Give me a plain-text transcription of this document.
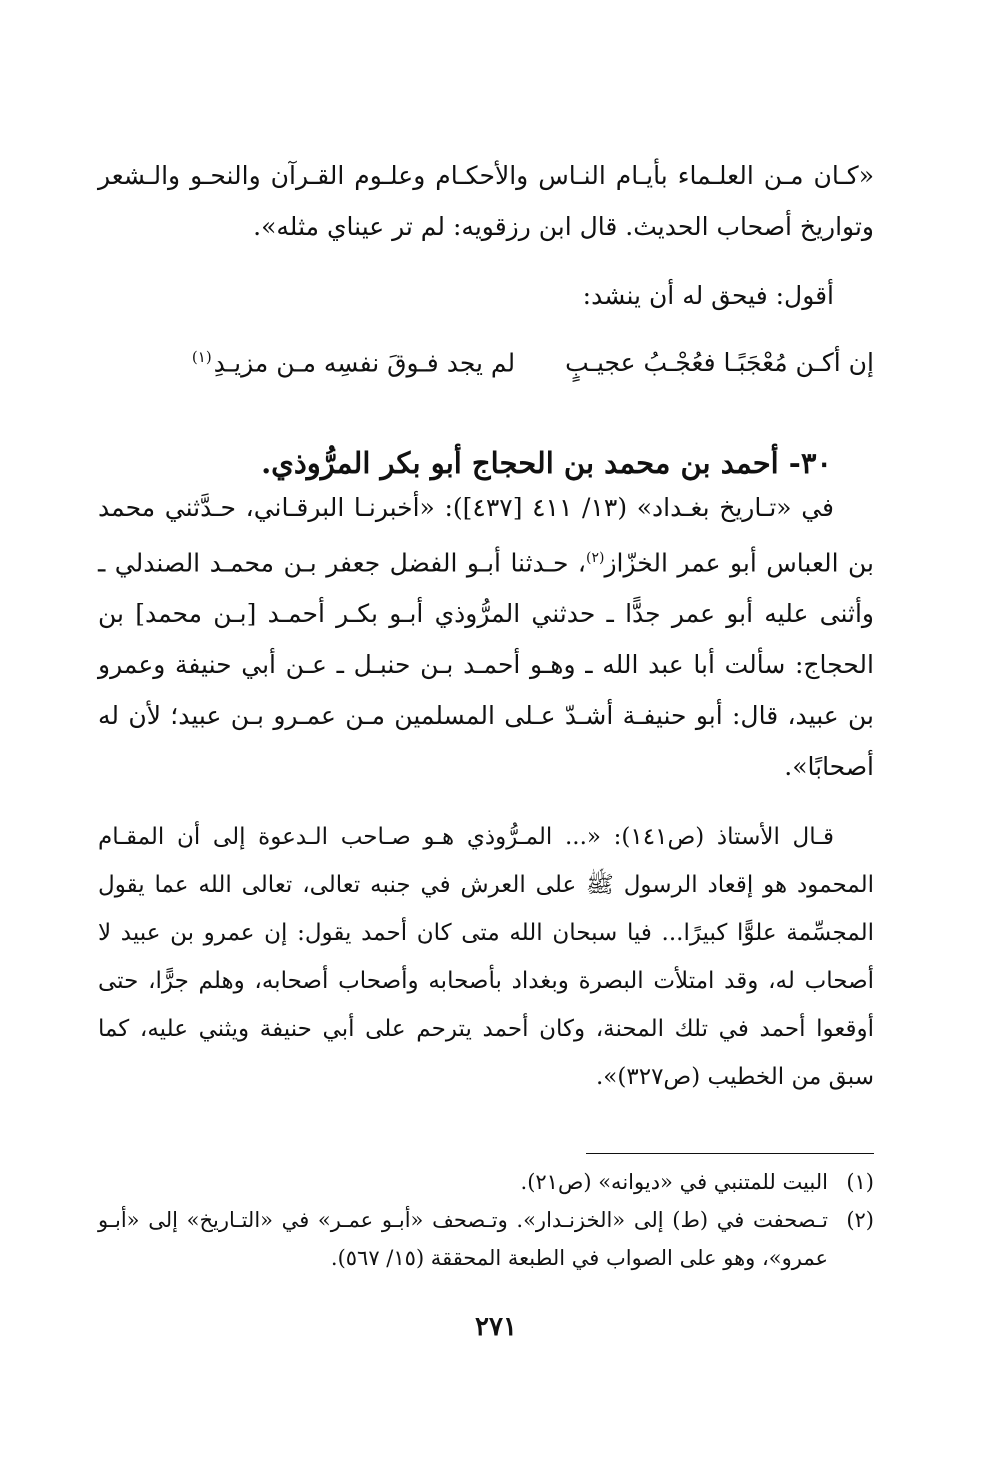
«كـان مـن العلـماء بأيـام النـاس والأحكـام وعلـوم القـرآن والنحـو والـشعر وتواريخ أصحاب الحديث. قال ابن رزقويه: لم تر عيناي مثله».

أقول: فيحق له أن ينشد:

إن أكـن مُعْجَبًـا فعُجْـبُ عجيـبٍ
لم يجد فـوقَ نفسِه مـن مزيـدِ$^{(١)}$
٣٠- أحمد بن محمد بن الحجاج أبو بكر المرُّوذي.

في «تـاريخ بغـداد» (١٣/ ٤١١ [٤٣٧]): «أخبرنـا البرقـاني، حـدَّثني محمد بن العباس أبو عمر الخزّاز$^{(٢)}$، حـدثنا أبـو الفضل جعفر بـن محمـد الصندلي ـ وأثنى عليه أبو عمر جدًّا ـ حدثني المرُّوذي أبـو بكـر أحمـد [بـن محمد] بن الحجاج: سألت أبا عبد الله ـ وهـو أحمـد بـن حنبـل ـ عـن أبي حنيفة وعمرو بن عبيد، قال: أبو حنيفـة أشـدّ عـلى المسلمين مـن عمـرو بـن عبيد؛ لأن له أصحابًا».

قـال الأستاذ (ص١٤١): «... المـرُّوذي هـو صـاحب الـدعوة إلى أن المقـام المحمود هو إقعاد الرسول ﷺ على العرش في جنبه تعالى، تعالى الله عما يقول المجسِّمة علوًّا كبيرًا... فيا سبحان الله متى كان أحمد يقول: إن عمرو بن عبيد لا أصحاب له، وقد امتلأت البصرة وبغداد بأصحابه وأصحاب أصحابه، وهلم جرًّا، حتى أوقعوا أحمد في تلك المحنة، وكان أحمد يترحم على أبي حنيفة ويثني عليه، كما سبق من الخطيب (ص٣٢٧)».

(١)
البيت للمتنبي في «ديوانه» (ص٢١).
(٢)
تـصحفت في (ط) إلى «الخزنـدار». وتـصحف «أبـو عمـر» في «التـاريخ» إلى «أبـو عمرو»، وهو على الصواب في الطبعة المحققة (١٥/ ٥٦٧).
٢٧١
